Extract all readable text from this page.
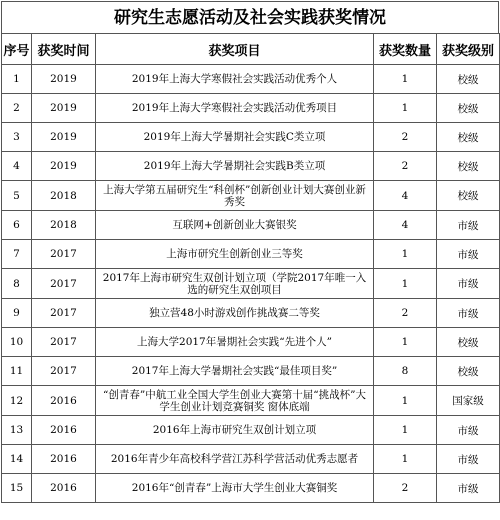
研究生志愿活动及社会实践获奖情况
序号	获奖时间	获奖项目	获奖数量	获奖级别
1	2019	2019年上海大学寒假社会实践活动优秀个人	1	校级
2	2019	2019年上海大学寒假社会实践活动优秀项目	1	校级
3	2019	2019年上海大学暑期社会实践C类立项	2	校级
4	2019	2019年上海大学暑期社会实践B类立项	2	校级
5	2018	上海大学第五届研究生“科创杯”创新创业计划大赛创业新秀奖	4	校级
6	2018	互联网+创新创业大赛银奖	4	市级
7	2017	上海市研究生创新创业三等奖	1	市级
8	2017	2017年上海市研究生双创计划立项（学院2017年唯一入选的研究生双创项目	1	市级
9	2017	独立营48小时游戏创作挑战赛二等奖	2	市级
10	2017	上海大学2017年暑期社会实践“先进个人”	1	校级
11	2017	2017年上海大学暑期社会实践“最佳项目奖”	8	校级
12	2016	“创青春”中航工业全国大学生创业大赛第十届“挑战杯”大学生创业计划竞赛铜奖 窗体底端	1	国家级
13	2016	2016年上海市研究生双创计划立项	1	市级
14	2016	2016年青少年高校科学营江苏科学营活动优秀志愿者	1	市级
15	2016	2016年“创青春”上海市大学生创业大赛铜奖	2	市级
